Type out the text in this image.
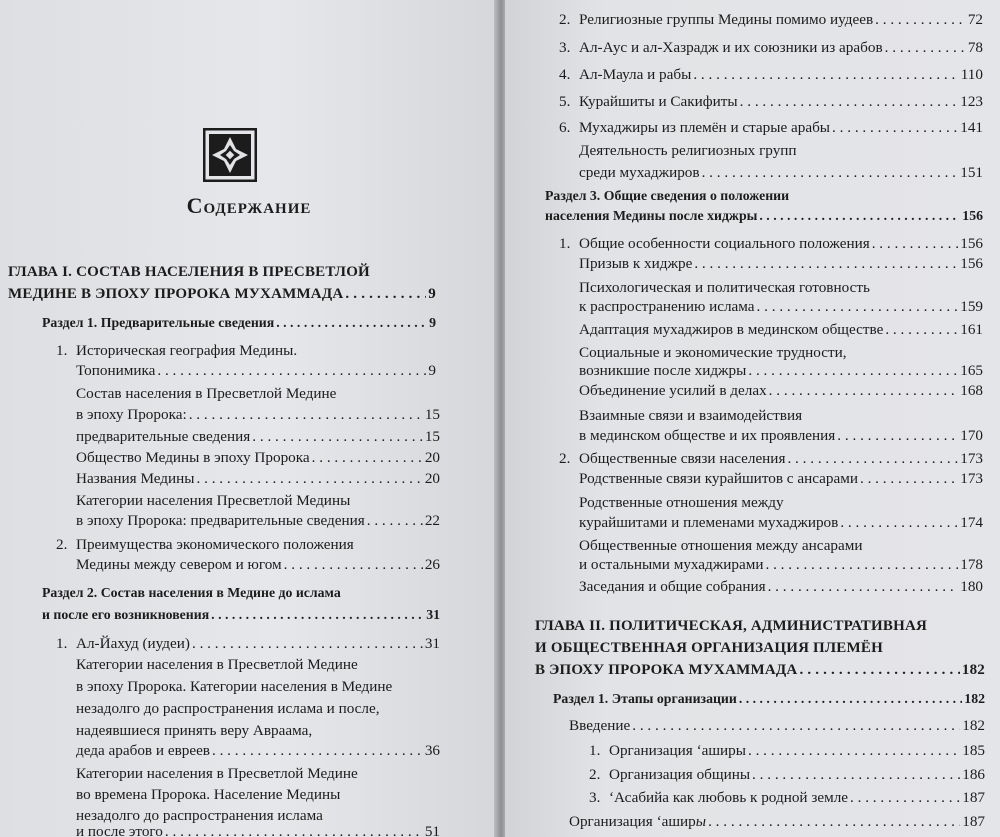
Содержание
ГЛАВА I. СОСТАВ НАСЕЛЕНИЯ В ПРЕСВЕТЛОЙ
МЕДИНЕ В ЭПОХУ ПРОРОКА МУХАММАДА . . .	9
Раздел 1. Предварительные сведения . . .	9
1. Историческая география Медины.
Топонимика . . .	9
Состав населения в Пресветлой Медине
в эпоху Пророка: . . .	15
предварительные сведения . . .	15
Общество Медины в эпоху Пророка . . .	20
Названия Медины . . .	20
Категории населения Пресветлой Медины
в эпоху Пророка: предварительные сведения . . .	22
2. Преимущества экономического положения
Медины между севером и югом . . .	26
Раздел 2. Состав населения в Медине до ислама
и после его возникновения . . .	31
1. Ал-Йахуд (иудеи) . . .	31
Категории населения в Пресветлой Медине
в эпоху Пророка. Категории населения в Медине
незадолго до распространения ислама и после,
надеявшиеся принять веру Авраама,
деда арабов и евреев . . .	36
Категории населения в Пресветлой Медине
во времена Пророка. Население Медины
незадолго до распространения ислама
и после этого . . .	51
2. Религиозные группы Медины помимо иудеев . . .	72
3. Ал-Аус и ал-Хазрадж и их союзники из арабов . . .	78
4. Ал-Маула и рабы . . .	110
5. Курайшиты и Сакифиты . . .	123
6. Мухаджиры из племён и старые арабы . . .	141
Деятельность религиозных групп
среди мухаджиров . . .	151
Раздел 3. Общие сведения о положении
населения Медины после хиджры . . .	156
1. Общие особенности социального положения . . .	156
Призыв к хиджре . . .	156
Психологическая и политическая готовность
к распространению ислама . . .	159
Адаптация мухаджиров в мединском обществе . . .	161
Социальные и экономические трудности,
возникшие после хиджры . . .	165
Объединение усилий в делах . . .	168
Взаимные связи и взаимодействия
в мединском обществе и их проявления . . .	170
2. Общественные связи населения . . .	173
Родственные связи курайшитов с ансарами . . .	173
Родственные отношения между
курайшитами и племенами мухаджиров . . .	174
Общественные отношения между ансарами
и остальными мухаджирами . . .	178
Заседания и общие собрания . . .	180
ГЛАВА II. ПОЛИТИЧЕСКАЯ, АДМИНИСТРАТИВНАЯ
И ОБЩЕСТВЕННАЯ ОРГАНИЗАЦИЯ ПЛЕМЁН
В ЭПОХУ ПРОРОКА МУХАММАДА . . .	182
Раздел 1. Этапы организации . . .	182
Введение . . .	182
1. Организация ‘аширы . . .	185
2. Организация общины . . .	186
3. ‘Асабийа как любовь к родной земле . . .	187
Организация ‘аширы . . .	187
